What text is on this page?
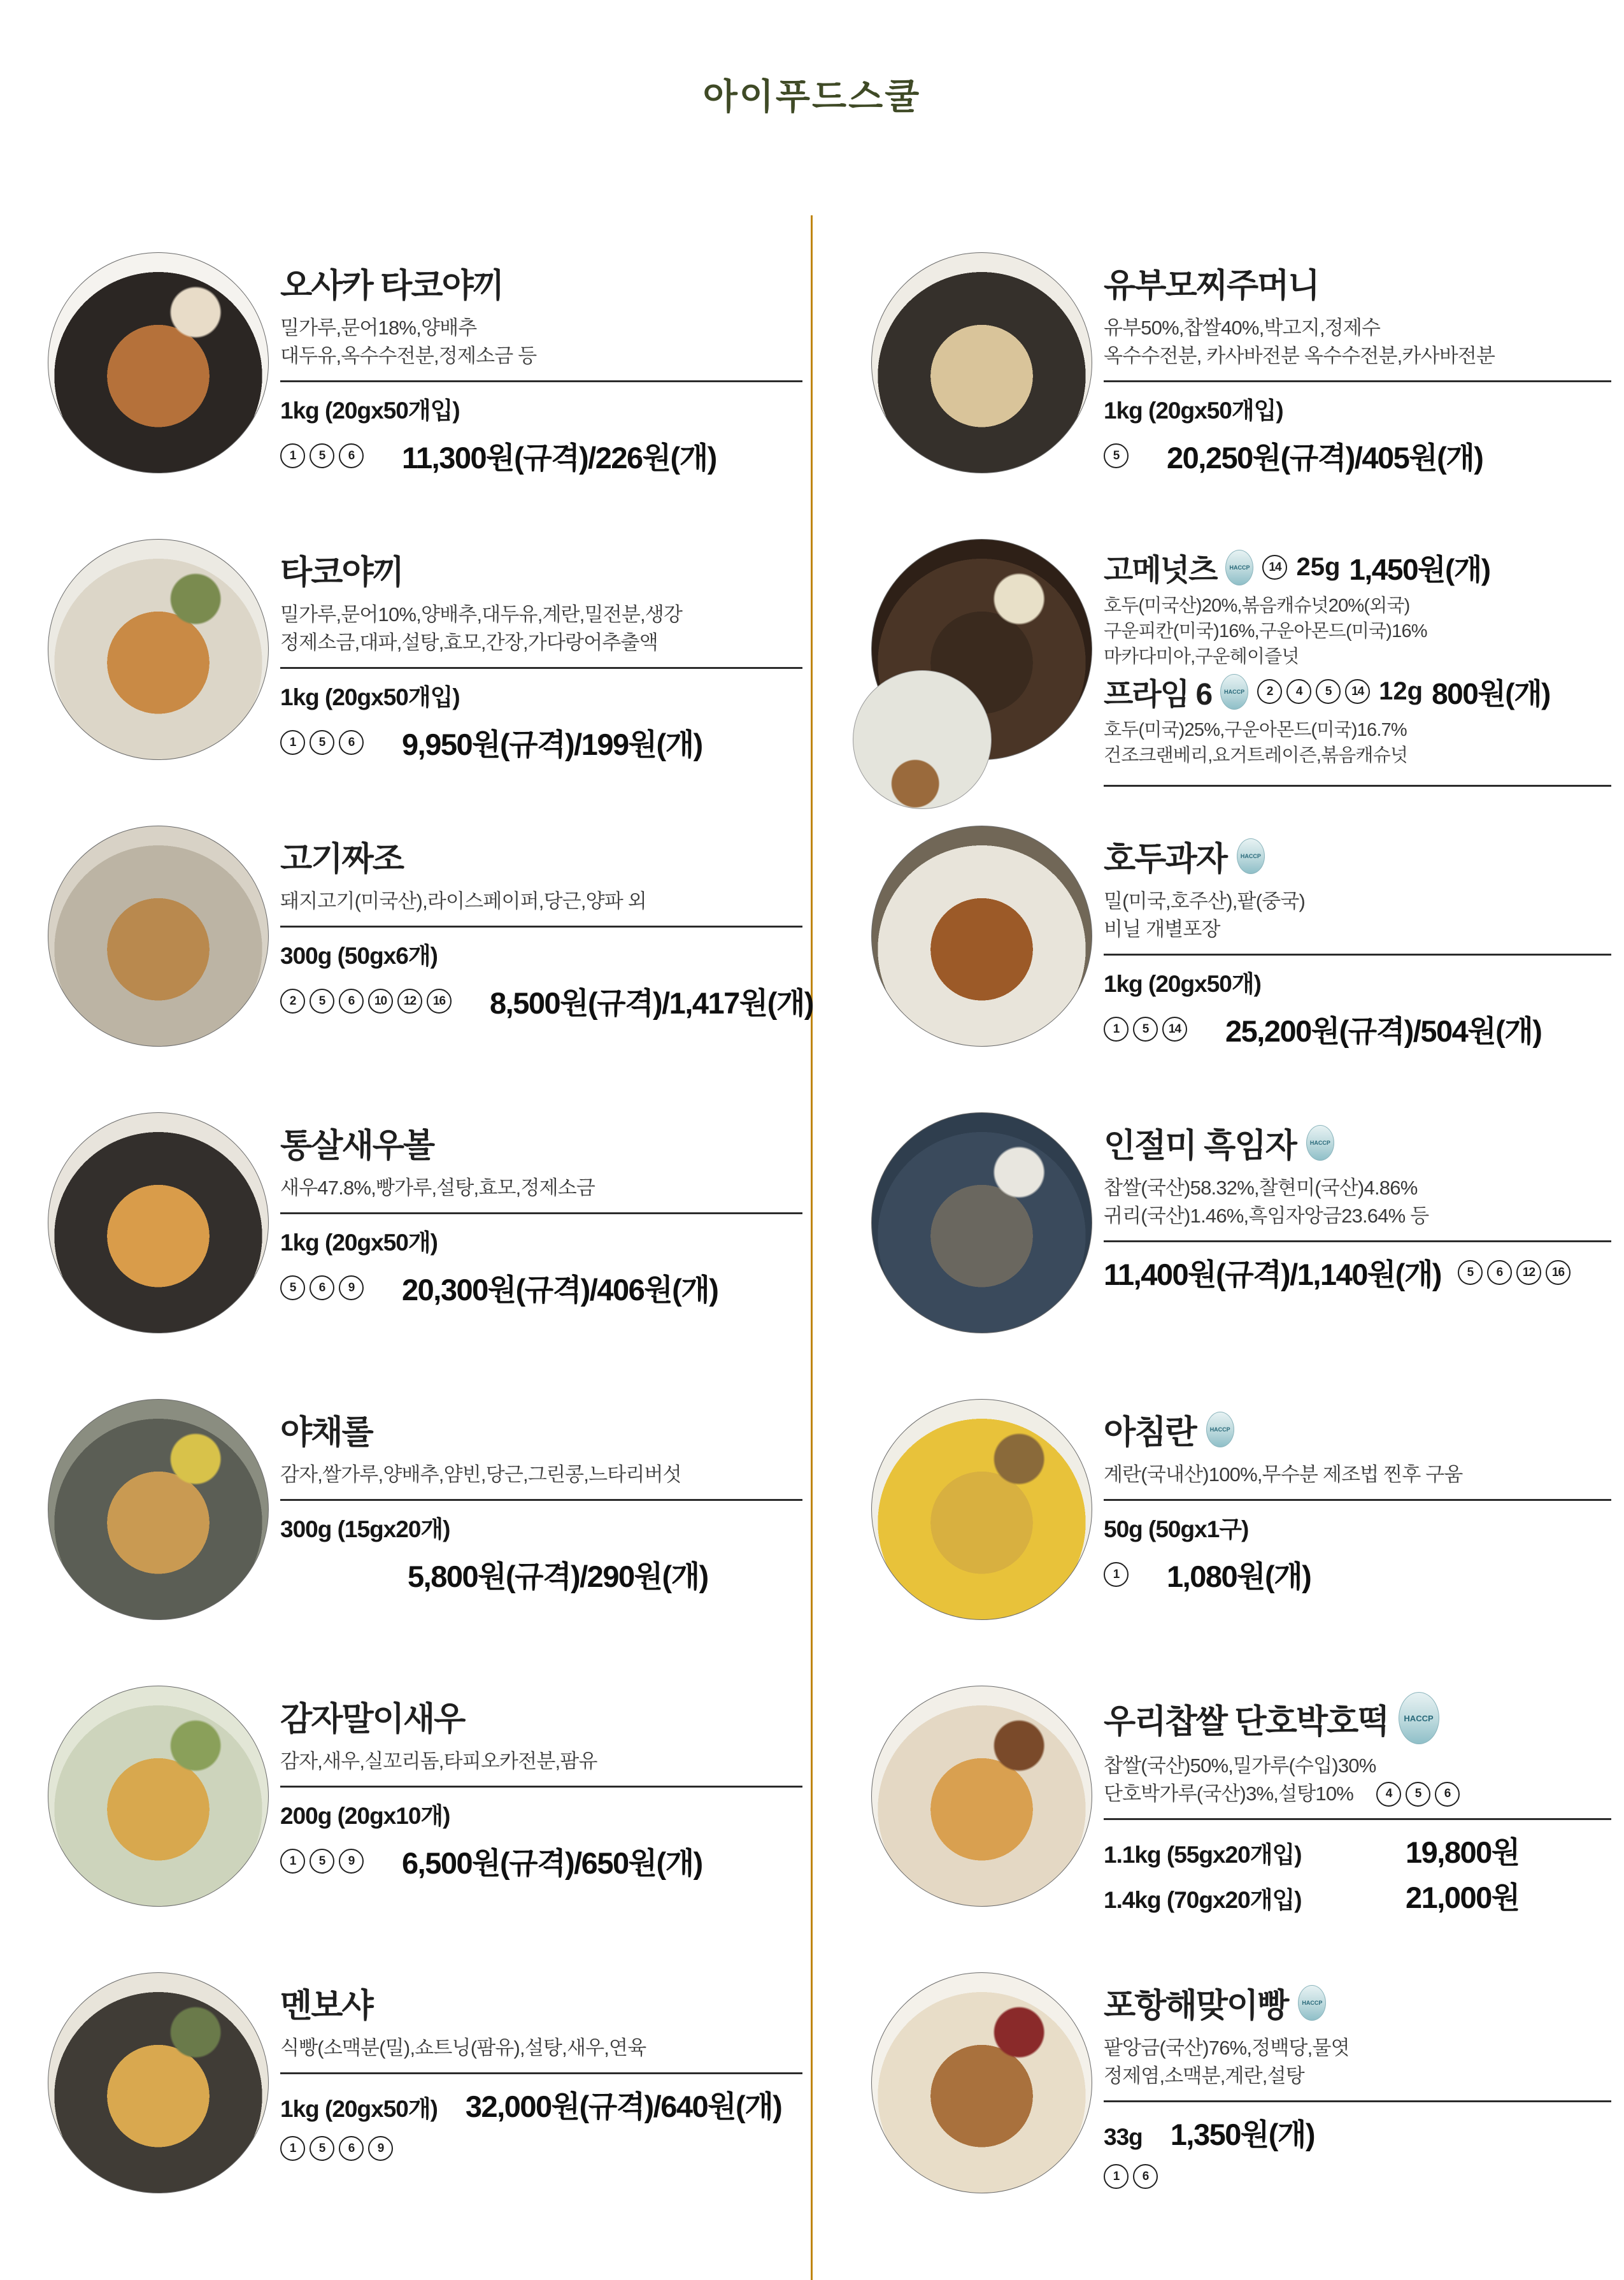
아이푸드스쿨
오사카 타코야끼
밀가루,문어18%,양배추
대두유,옥수수전분,정제소금 등
1kg (20gx50개입)
1	5	6	11,300원(규격)/226원(개)
타코야끼
밀가루,문어10%,양배추,대두유,계란,밀전분,생강
정제소금,대파,설탕,효모,간장,가다랑어추출액
1kg (20gx50개입)
1	5	6	9,950원(규격)/199원(개)
고기짜조
돼지고기(미국산),라이스페이퍼,당근,양파 외
300g (50gx6개)
2	5	6	10	12	16 8,500원(규격)/1,417원(개)
통살새우볼
새우47.8%,빵가루,설탕,효모,정제소금
1kg (20gx50개)
5	6	9	20,300원(규격)/406원(개)
야채롤
감자,쌀가루,양배추,얌빈,당근,그린콩,느타리버섯
300g (15gx20개)
5,800원(규격)/290원(개)
감자말이새우
감자,새우,실꼬리돔,타피오카전분,팜유
200g (20gx10개)
1	5	9	6,500원(규격)/650원(개)
멘보샤
식빵(소맥분(밀),쇼트닝(팜유),설탕,새우,연육
1kg (20gx50개) 32,000원(규격)/640원(개)
1	5	6	9
유부모찌주머니
유부50%,찹쌀40%,박고지,정제수
옥수수전분, 카사바전분 옥수수전분,카사바전분
1kg (20gx50개입)
5	20,250원(규격)/405원(개)
고메넛츠	HACCP	14 25g 1,450원(개)
호두(미국산)20%,볶음캐슈넛20%(외국)
구운피칸(미국)16%,구운아몬드(미국)16%
마카다미아,구운헤이즐넛
프라임 6	HACCP	2	4	5	14 12g 800원(개)
호두(미국)25%,구운아몬드(미국)16.7%
건조크랜베리,요거트레이즌,볶음캐슈넛
호두과자	HACCP
밀(미국,호주산),팥(중국)
비닐 개별포장
1kg (20gx50개)
1	5	14 25,200원(규격)/504원(개)
인절미 흑임자	HACCP
찹쌀(국산)58.32%,찰현미(국산)4.86%
귀리(국산)1.46%,흑임자앙금23.64% 등
11,400원(규격)/1,140원(개)	5	6	12	16
아침란	HACCP
계란(국내산)100%,무수분 제조법 찐후 구움
50g (50gx1구)
1	1,080원(개)
우리찹쌀 단호박호떡	HACCP
찹쌀(국산)50%,밀가루(수입)30%
단호박가루(국산)3%,설탕10%	4	5	6
1.1kg (55gx20개입)	19,800원
1.4kg (70gx20개입)	21,000원
포항해맞이빵	HACCP
팥앙금(국산)76%,정백당,물엿
정제염,소맥분,계란,설탕
33g 1,350원(개)
1	6
